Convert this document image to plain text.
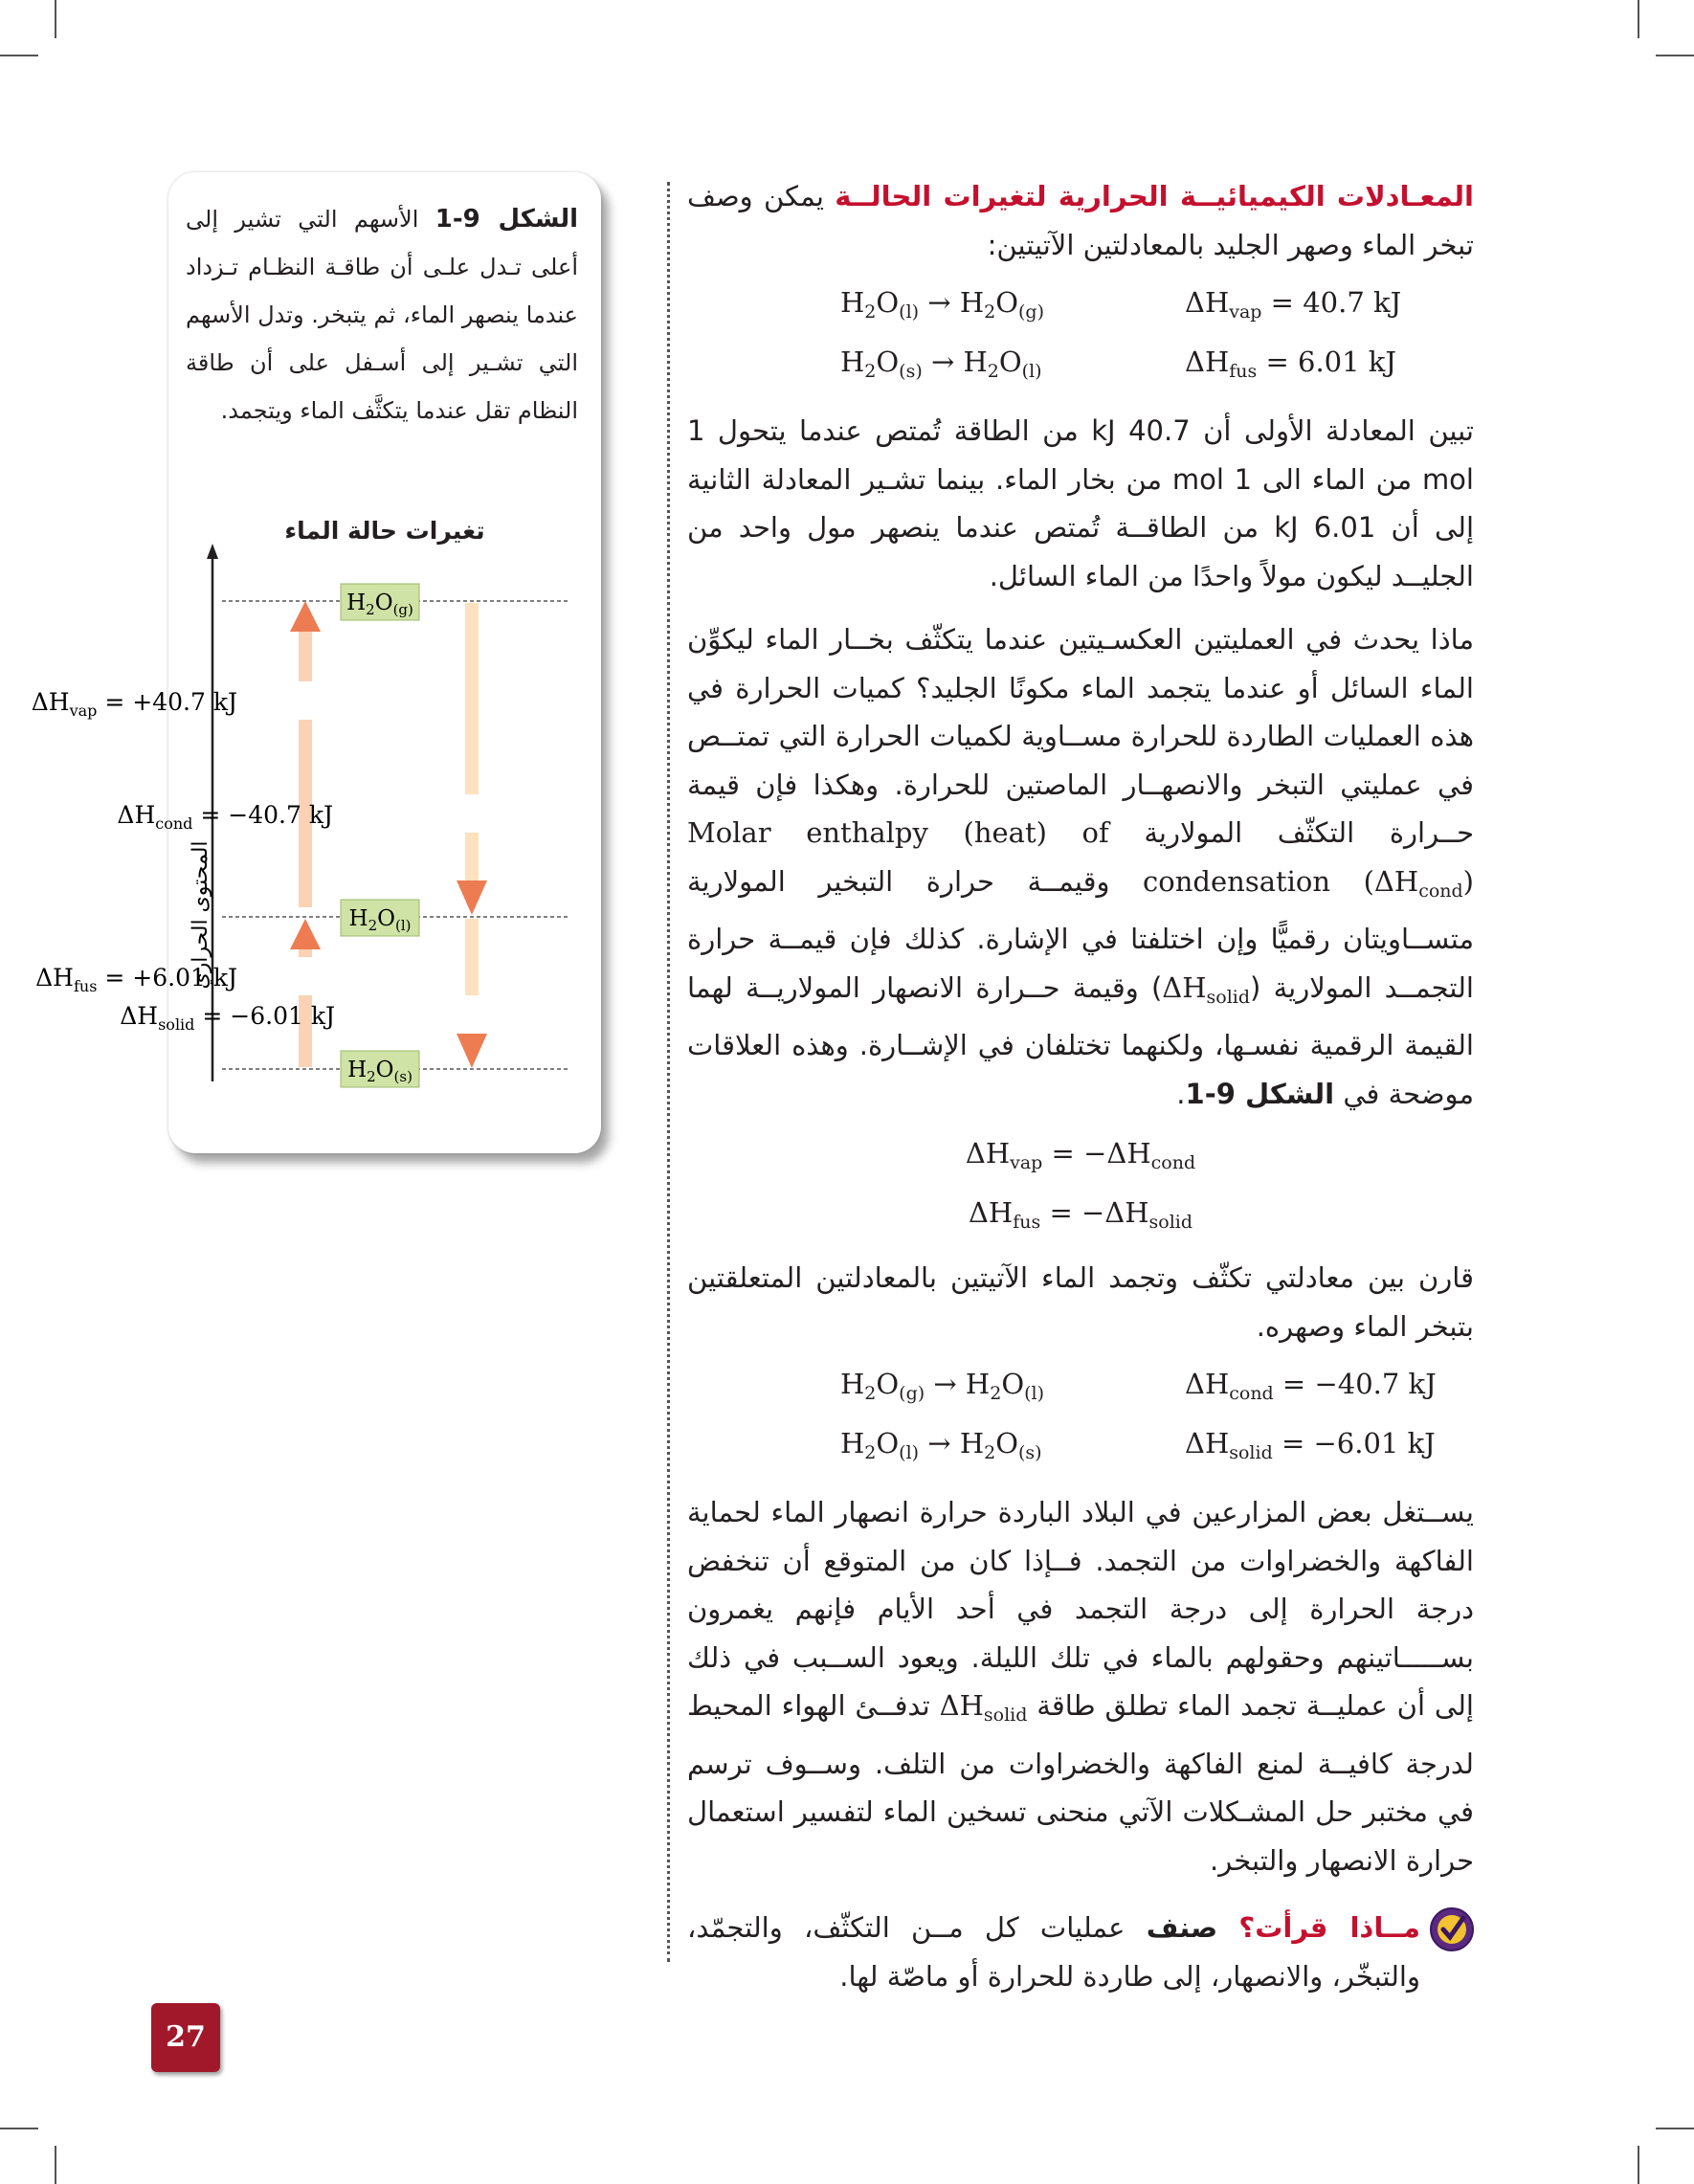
المعـادلات الكيميائيــة الحرارية لتغيرات الحالــة يمكن وصف تبخر الماء وصهر الجليد بالمعادلتين الآتيتين:

$H_2O_{(l)} \to H_2O_{(g)}$	$\Delta H_{vap} = 40.7$ kJ
$H_2O_{(s)} \to H_2O_{(l)}$	$\Delta H_{fus} = 6.01$ kJ

تبين المعادلة الأولى أن 40.7 kJ من الطاقة تُمتص عندما يتحول 1 mol من الماء الى 1 mol من بخار الماء. بينما تشـير المعادلة الثانية إلى أن 6.01 kJ من الطاقــة تُمتص عندما ينصهر مول واحد من الجليــد ليكون مولاً واحدًا من الماء السائل.

ماذا يحدث في العمليتين العكسـيتين عندما يتكثّف بخــار الماء ليكوِّن الماء السائل أو عندما يتجمد الماء مكونًا الجليد؟ كميات الحرارة في هذه العمليات الطاردة للحرارة مســاوية لكميات الحرارة التي تمتــص في عمليتي التبخر والانصهــار الماصتين للحرارة. وهكذا فإن قيمة حــرارة التكثّف المولارية Molar enthalpy (heat) of condensation $(\Delta H_{cond})$ وقيمــة حرارة التبخير المولارية متســاويتان رقميًّا وإن اختلفتا في الإشارة. كذلك فإن قيمــة حرارة التجمــد المولارية $(\Delta H_{solid})$ وقيمة حــرارة الانصهار المولاريــة لهما القيمة الرقمية نفسـها، ولكنهما تختلفان في الإشــارة. وهذه العلاقات موضحة في الشكل 9-1.

$\Delta H_{vap} = -\Delta H_{cond}$
$\Delta H_{fus} = -\Delta H_{solid}$

قارن بين معادلتي تكثّف وتجمد الماء الآتيتين بالمعادلتين المتعلقتين بتبخر الماء وصهره.

$H_2O_{(g)} \to H_2O_{(l)}$	$\Delta H_{cond} = -40.7$ kJ
$H_2O_{(l)} \to H_2O_{(s)}$	$\Delta H_{solid} = -6.01$ kJ

يســتغل بعض المزارعين في البلاد الباردة حرارة انصهار الماء لحماية الفاكهة والخضراوات من التجمد. فــإذا كان من المتوقع أن تنخفض درجة الحرارة إلى درجة التجمد في أحد الأيام فإنهم يغمرون بســـــاتينهم وحقولهم بالماء في تلك الليلة. ويعود الســبب في ذلك إلى أن عمليــة تجمد الماء تطلق طاقة $\Delta H_{solid}$ تدفــئ الهواء المحيط لدرجة كافيــة لمنع الفاكهة والخضراوات من التلف. وســوف ترسم في مختبر حل المشـكلات الآتي منحنى تسخين الماء لتفسير استعمال حرارة الانصهار والتبخر.

مــاذا قرأت؟ صنف عمليات كل مــن التكثّف، والتجمّد، والتبخّر، والانصهار، إلى طاردة للحرارة أو ماصّة لها.

الشكل 9-1 الأسهم التي تشير إلى أعلى تـدل علـى أن طاقـة النظـام تـزداد عندما ينصهر الماء، ثم يتبخر. وتدل الأسهم التي تشـير إلى أسـفل على أن طاقة النظام تقل عندما يتكثَّف الماء ويتجمد.
تغيرات حالة الماء
المحتوى الحراري
$H_2O_{(g)}$
$H_2O_{(l)}$
$H_2O_{(s)}$
$\Delta H_{vap} = +40.7$ kJ
$\Delta H_{cond} = -40.7$ kJ
$\Delta H_{fus} = +6.01$ kJ
$\Delta H_{solid} = -6.01$ kJ
27
